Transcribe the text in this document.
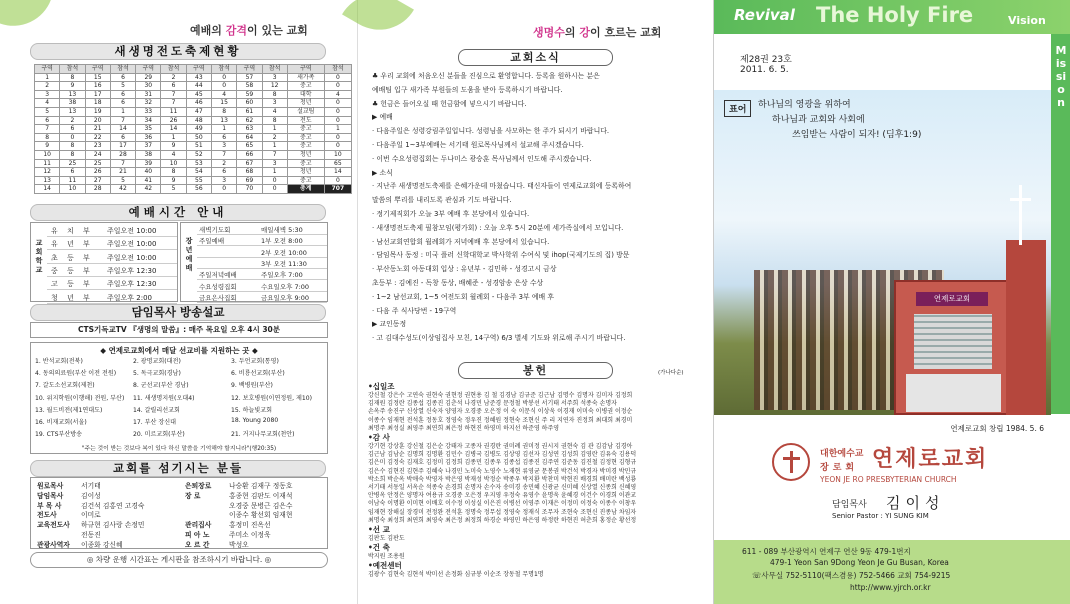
예배의 감격이 있는 교회
새생명전도축제현황
구역	참석	구역	참석	구역	참석	구역	참석	구역	참석	구역	참석
1	8	15	6	29	2	43	0	57	3	새가족	0
2	9	16	5	30	6	44	0	58	12	중고	0
3	13	17	6	31	7	45	4	59	8	대학	4
4	38	18	6	32	7	46	15	60	3	청년	0
5	13	19	1	33	11	47	8	61	4	설교팀	0
6	2	20	7	34	26	48	13	62	8	전도	0
7	6	21	14	35	14	49	1	63	1	중고	1
8	0	22	6	36	1	50	6	64	2	중고	0
9	8	23	17	37	9	51	3	65	1	중고	0
10	8	24	28	38	4	52	7	66	7	청년	10
11	25	25	7	39	10	53	2	67	3	중고	65
12	6	26	21	40	8	54	6	68	1	청년	14
13	11	27	5	41	9	55	3	69	0	중고	0
14	10	28	42	42	5	56	0	70	0	총계	707
예배시간 안내
교회학교
유 치 부 주일오전 10:00
유 년 부 주일오전 10:00
초 등 부 주일오전 10:00
중 등 부 주일오후 12:30
고 등 부 주일오후 12:30
청 년 부 주일오후 2:00
장년예배
새벽기도회	매일새벽 5:30
주일예배	1부 오전 8:00
2부 오전 10:00
3부 오전 11:30
주일저녁예배	주일오후 7:00
수요성령집회	수요일오후 7:00
금요은사집회	금요일오후 9:00
담임목사 방송설교
CTS기독교TV 『생명의 말씀』: 매주 목요일 오후 4시 30분
◆ 연제로교회에서 매달 선교비를 지원하는 곳 ◆
1. 반석교회(전북)	2. 광명교회(대전)	3. 두언교회(통영)
4. 동의의료원(부산 이전 전원)	5. 독극교회(경남)	6. 비룡선교회(부산)
7. 갈도소선교회(제천)	8. 군선교(부산 경남)	9. 백병원(부산)
10. 위지학원(이행해) 전원, 부산)	11. 새생명지원(오대4)	12. 보호병원(이연정원, 제10)
13. 월드비전(제1연대도)	14. 갈릴리선교회	15. 하늘빛교회
16. 비재교회(서울)	17. 부산 장신대	18. Young 2080
19. CTS부산방송	20. 미르교회(부산)	21. 거지나무교회(천안)
"주는 것이 받는 것보다 복이 있다 하신 말씀을 기억해야 할지니라"(행20:35)
교회를 섬기시는 분들
원로목사	서기태	은퇴장로	나승환 김재구 정동호
담임목사	김이성	장 로	홍종현 김판도 이재석
부 목 사	김건석 김홍연 고경숙	오경중 문병근 김은수
전도사	이미로	이종수 황선회 임재현
교육전도사 하규현 김사랑 손정민	관리집사	홍정미 진옥선
전동진	피 아 노	주미소 이정욱
관광사역자 이종화 강신혜	오 르 간	박성오
◎ 차량 운행 시간표는 게시판을 참조하시기 바랍니다. ◎
생명수의 강이 흐르는 교회
교회소식
♣ 우리 교회에 처음오신 분들을 진심으로 환영합니다. 등록을 원하시는 분은
예배팀 입구 새가족 부원들의 도움을 받아 등록하시기 바랍니다.
♣ 헌금은 들어오실 때 헌금함에 넣으시기 바랍니다.
▶ 예배
· 다음주일은 성령강림주일입니다. 성령님을 사모하는 한 주가 되시기 바랍니다.
· 다음주일 1~3부예배는 서기태 원로목사님께서 설교해 주시겠습니다.
· 이번 수요성령집회는 두나미스 광승훈 목사님께서 인도해 주시겠습니다.
▶ 소식
· 지난주 새생명전도축제를 은혜가운데 마쳤습니다. 태신자들이 연제로교회에 등록하여
말씀의 뿌리를 내리도록 관심과 기도 바랍니다.
· 정기제직회가 오늘 3부 예배 후 본당에서 있습니다.
· 새생명전도축제 필참모임(평가회) : 오늘 오후 5시 20분에 세가족실에서 모입니다.
· 남선교회연합회 월례회가 저녁예배 후 본당에서 있습니다.
· 담임목사 동정 : 미국 플러 신학대학교 박사학위 수여식 및 ihop(국제기도의 집) 방문
· 부산동노회 아동대회 입상 : 유년부 - 김민하 - 성경고시 금상
초등부 : 김예진 - 독창 동상, 배혜준 - 성경암송 은상 수상
· 1~2 남선교회, 1~5 여전도회 월례회 - 다음주 3부 예배 후
· 다음 주 식사당번 - 19구역
▶ 교인동정
· 고 김대수성도(이상임집사 모친, 14구역) 6/3 별세 기도와 위로해 주시기 바랍니다.
봉헌	(가나다순)
•십일조
강신철 강은수 고연숙 권현숙 권현정 권현용 김 철 김경남 김규준 김근남 김명수 김명자 김미자 김정희
김재원 김정란 김종섭 김종진 김춘석 나경민 남준경 문정철 박봉선 서기태 서주희 석종숙 손명자
손옥주 송진구 신상열 신숙자 양영자 오경중 오은정 이 숙 이문식 이상욱 이경재 이미숙 이병권 이정순
이종수 임재현 전석훈 정동호 정영숙 정우진 정혜원 정현숙 조현신 주 리 지연자 진정희 최대희 최경미
최명주 최성실 최영주 최연희 최은정 하현진 하영미 하지선 하준영 하주영
•감 사
강기현 강상훈 강신철 김은순 강태자 고종자 권경란 권미례 권미정 권시지 권현숙 김 관 김감남 김경아
김근남 김남순 김명희 김명환 김민수 김병국 김병도 김상영 김선자 김성연 김성희 김영란 김유숙 김용덕
김은미 김정숙 김재호 김정미 김정희 김종민 김종우 김종섭 김종진 김주연 김준동 김진철 김정현 김형규
김은수 김현진 김현주 김혜숙 나경민 노미숙 노영수 노재현 류영균 문봉권 박건석 박경자 박미경 박민규
박소희 박순옥 박애숙 박영자 박은영 박재성 박정순 박종우 박지환 박찬미 박현진 배경희 배미란 백성룡
서기태 서동일 서옥순 석종숙 손경희 손명자 손수자 송미경 송민혜 신광균 신미혜 신상열 신종희 신혜영
안병옥 안정은 양명자 여용규 오경중 오은정 우지영 우정숙 유영수 윤명욱 윤혜경 이건수 이경희 이관교
이남숙 이명환 이미현 이배호 이수정 이성실 이은진 이병선 이영주 이재은 이정미 이정숙 이종수 이창우
임재현 장해실 장경미 전정완 전석훈 정명숙 정무섭 정영숙 정재식 조무자 조현숙 조현신 진종남 차임자
최명숙 최성희 최연희 최영숙 최은정 최정희 하경순 하영민 하은영 하정란 하현진 허춘희 홍정순 황선정
•선 교
김판도 김판도
•건 축
박지원 조용원
•예전센터
김광수 김현숙 김현석 박미선 손정화 심규봉 이순조 장동철 무명1명
Revival The Holy Fire	Vision
Mission
제28권 23호
2011. 6. 5.
연제로교회
표어	하나님의 영광을 위하여
하나님과 교회와 사회에
쓰임받는 사람이 되자! (딤후1:9)
연제로교회 창립 1984. 5. 6
대한예수교
장로회 연제로교회
YEON JE RO PRESBYTERIAN CHURCH
담임목사 김이성
Senior Pastor : YI SUNG KIM
611 - 089 부산광역시 연제구 연산 9동 479-1번지
479-1 Yeon San 9Dong Yeon Je Gu Busan, Korea
☏사무실 752-5110(팩스겸용) 752-5466 교회 754-9215
http://www.yjrch.or.kr
